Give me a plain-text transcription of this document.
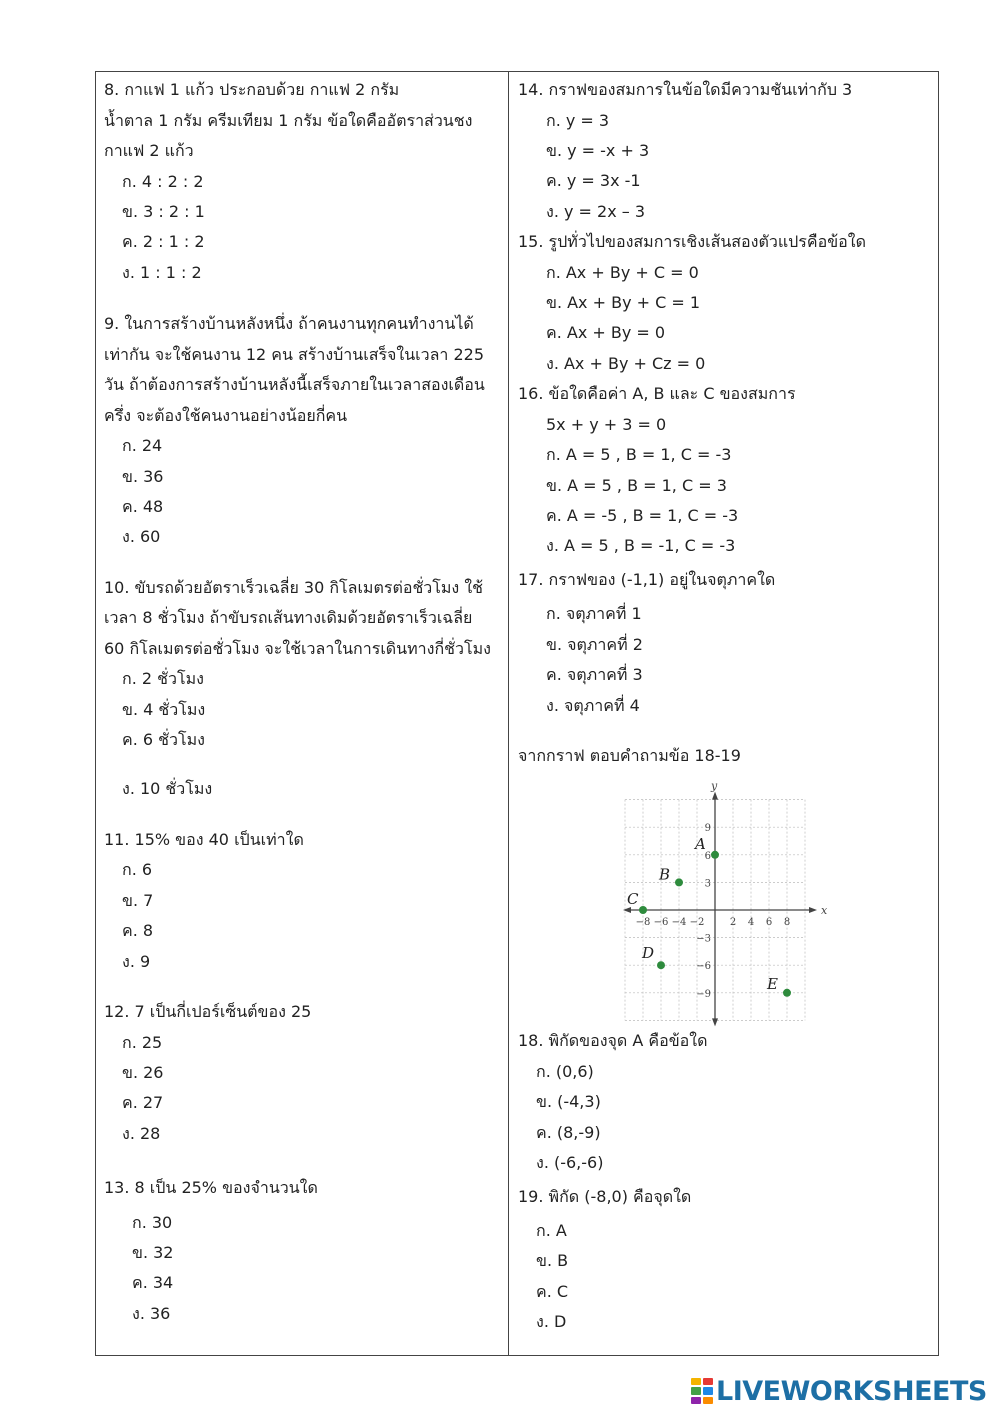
8. กาแฟ 1 แก้ว ประกอบด้วย กาแฟ 2 กรัม
น้ำตาล 1 กรัม ครีมเทียม 1 กรัม ข้อใดคืออัตราส่วนชง
กาแฟ 2 แก้ว
ก. 4 : 2 : 2
ข. 3 : 2 : 1
ค. 2 : 1 : 2
ง. 1 : 1 : 2
9. ในการสร้างบ้านหลังหนึ่ง ถ้าคนงานทุกคนทำงานได้
เท่ากัน จะใช้คนงาน 12 คน สร้างบ้านเสร็จในเวลา 225
วัน ถ้าต้องการสร้างบ้านหลังนี้เสร็จภายในเวลาสองเดือน
ครึ่ง จะต้องใช้คนงานอย่างน้อยกี่คน
ก. 24
ข. 36
ค. 48
ง. 60
10. ขับรถด้วยอัตราเร็วเฉลี่ย 30 กิโลเมตรต่อชั่วโมง ใช้
เวลา 8 ชั่วโมง ถ้าขับรถเส้นทางเดิมด้วยอัตราเร็วเฉลี่ย
60 กิโลเมตรต่อชั่วโมง จะใช้เวลาในการเดินทางกี่ชั่วโมง
ก. 2 ชั่วโมง
ข. 4 ชั่วโมง
ค. 6 ชั่วโมง
ง. 10 ชั่วโมง
11. 15% ของ 40 เป็นเท่าใด
ก. 6
ข. 7
ค. 8
ง. 9
12. 7 เป็นกี่เปอร์เซ็นต์ของ 25
ก. 25
ข. 26
ค. 27
ง. 28
13. 8 เป็น 25% ของจำนวนใด
ก. 30
ข. 32
ค. 34
ง. 36
14. กราฟของสมการในข้อใดมีความชันเท่ากับ 3
ก. y = 3
ข. y = -x + 3
ค. y = 3x -1
ง. y = 2x – 3
15. รูปทั่วไปของสมการเชิงเส้นสองตัวแปรคือข้อใด
ก. Ax + By + C = 0
ข. Ax + By + C = 1
ค. Ax + By = 0
ง. Ax + By + Cz = 0
16. ข้อใดคือค่า A, B และ C ของสมการ
5x + y + 3 = 0
ก. A = 5 , B = 1, C = -3
ข. A = 5 , B = 1, C = 3
ค. A = -5 , B = 1, C = -3
ง. A = 5 , B = -1, C = -3
17. กราฟของ (-1,1) อยู่ในจตุภาคใด
ก. จตุภาคที่ 1
ข. จตุภาคที่ 2
ค. จตุภาคที่ 3
ง. จตุภาคที่ 4
จากกราฟ ตอบคำถามข้อ 18-19
18. พิกัดของจุด A คือข้อใด
ก. (0,6)
ข. (-4,3)
ค. (8,-9)
ง. (-6,-6)
19. พิกัด (-8,0) คือจุดใด
ก. A
ข. B
ค. C
ง. D
x
y
−8 −6 −4 −2	2 4 6 8
9
6
3
−3
−6
−9
A
B
C
D
E
LIVEWORKSHEETS
